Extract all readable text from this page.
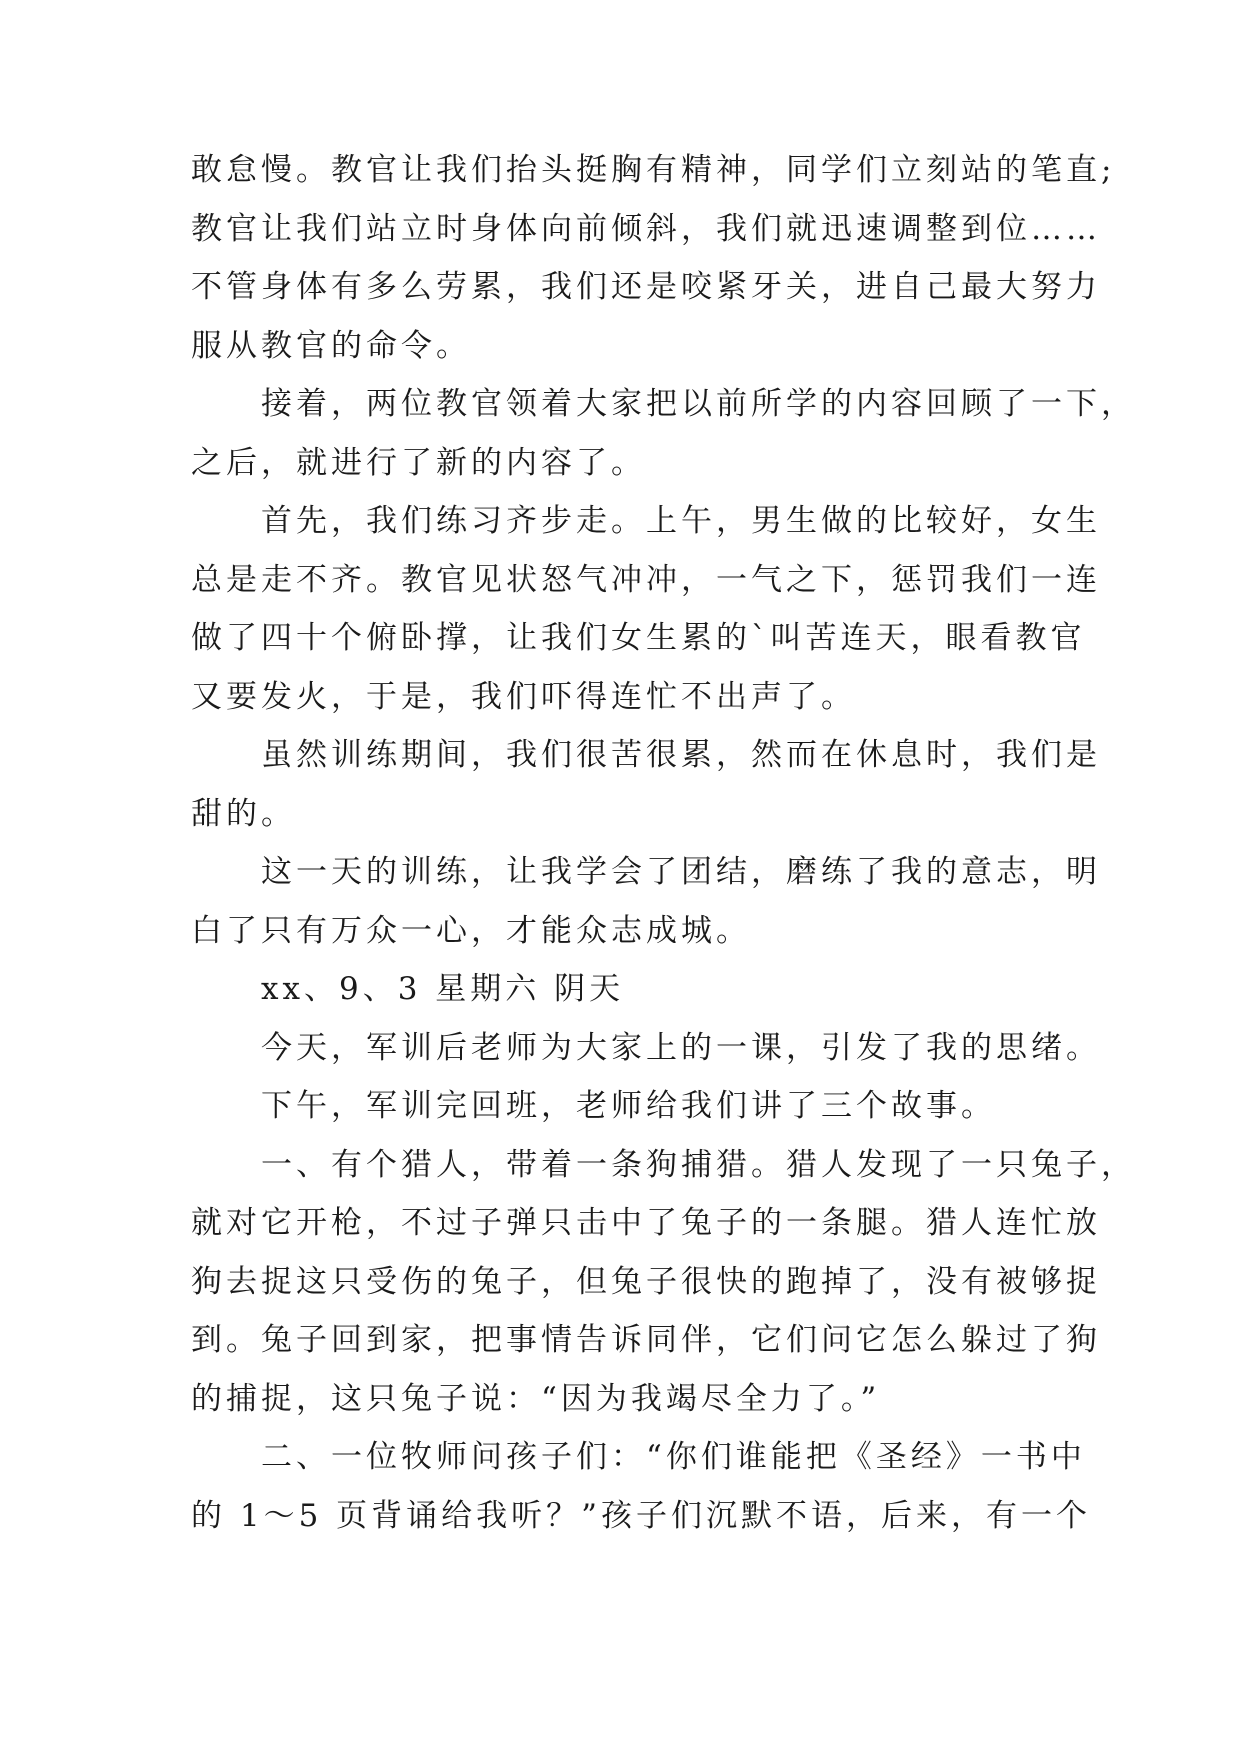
敢怠慢。教官让我们抬头挺胸有精神，同学们立刻站的笔直;
教官让我们站立时身体向前倾斜，我们就迅速调整到位……
不管身体有多么劳累，我们还是咬紧牙关，进自己最大努力
服从教官的命令。
接着，两位教官领着大家把以前所学的内容回顾了一下，
之后，就进行了新的内容了。
首先，我们练习齐步走。上午，男生做的比较好，女生
总是走不齐。教官见状怒气冲冲，一气之下，惩罚我们一连
做了四十个俯卧撑，让我们女生累的`叫苦连天，眼看教官
又要发火，于是，我们吓得连忙不出声了。
虽然训练期间，我们很苦很累，然而在休息时，我们是
甜的。
这一天的训练，让我学会了团结，磨练了我的意志，明
白了只有万众一心，才能众志成城。
xx、9、3 星期六 阴天
今天，军训后老师为大家上的一课，引发了我的思绪。
下午，军训完回班，老师给我们讲了三个故事。
一、有个猎人，带着一条狗捕猎。猎人发现了一只兔子，
就对它开枪，不过子弹只击中了兔子的一条腿。猎人连忙放
狗去捉这只受伤的兔子，但兔子很快的跑掉了，没有被够捉
到。兔子回到家，把事情告诉同伴，它们问它怎么躲过了狗
的捕捉，这只兔子说：“因为我竭尽全力了。”
二、一位牧师问孩子们：“你们谁能把《圣经》一书中
的 1～5 页背诵给我听？”孩子们沉默不语，后来，有一个
